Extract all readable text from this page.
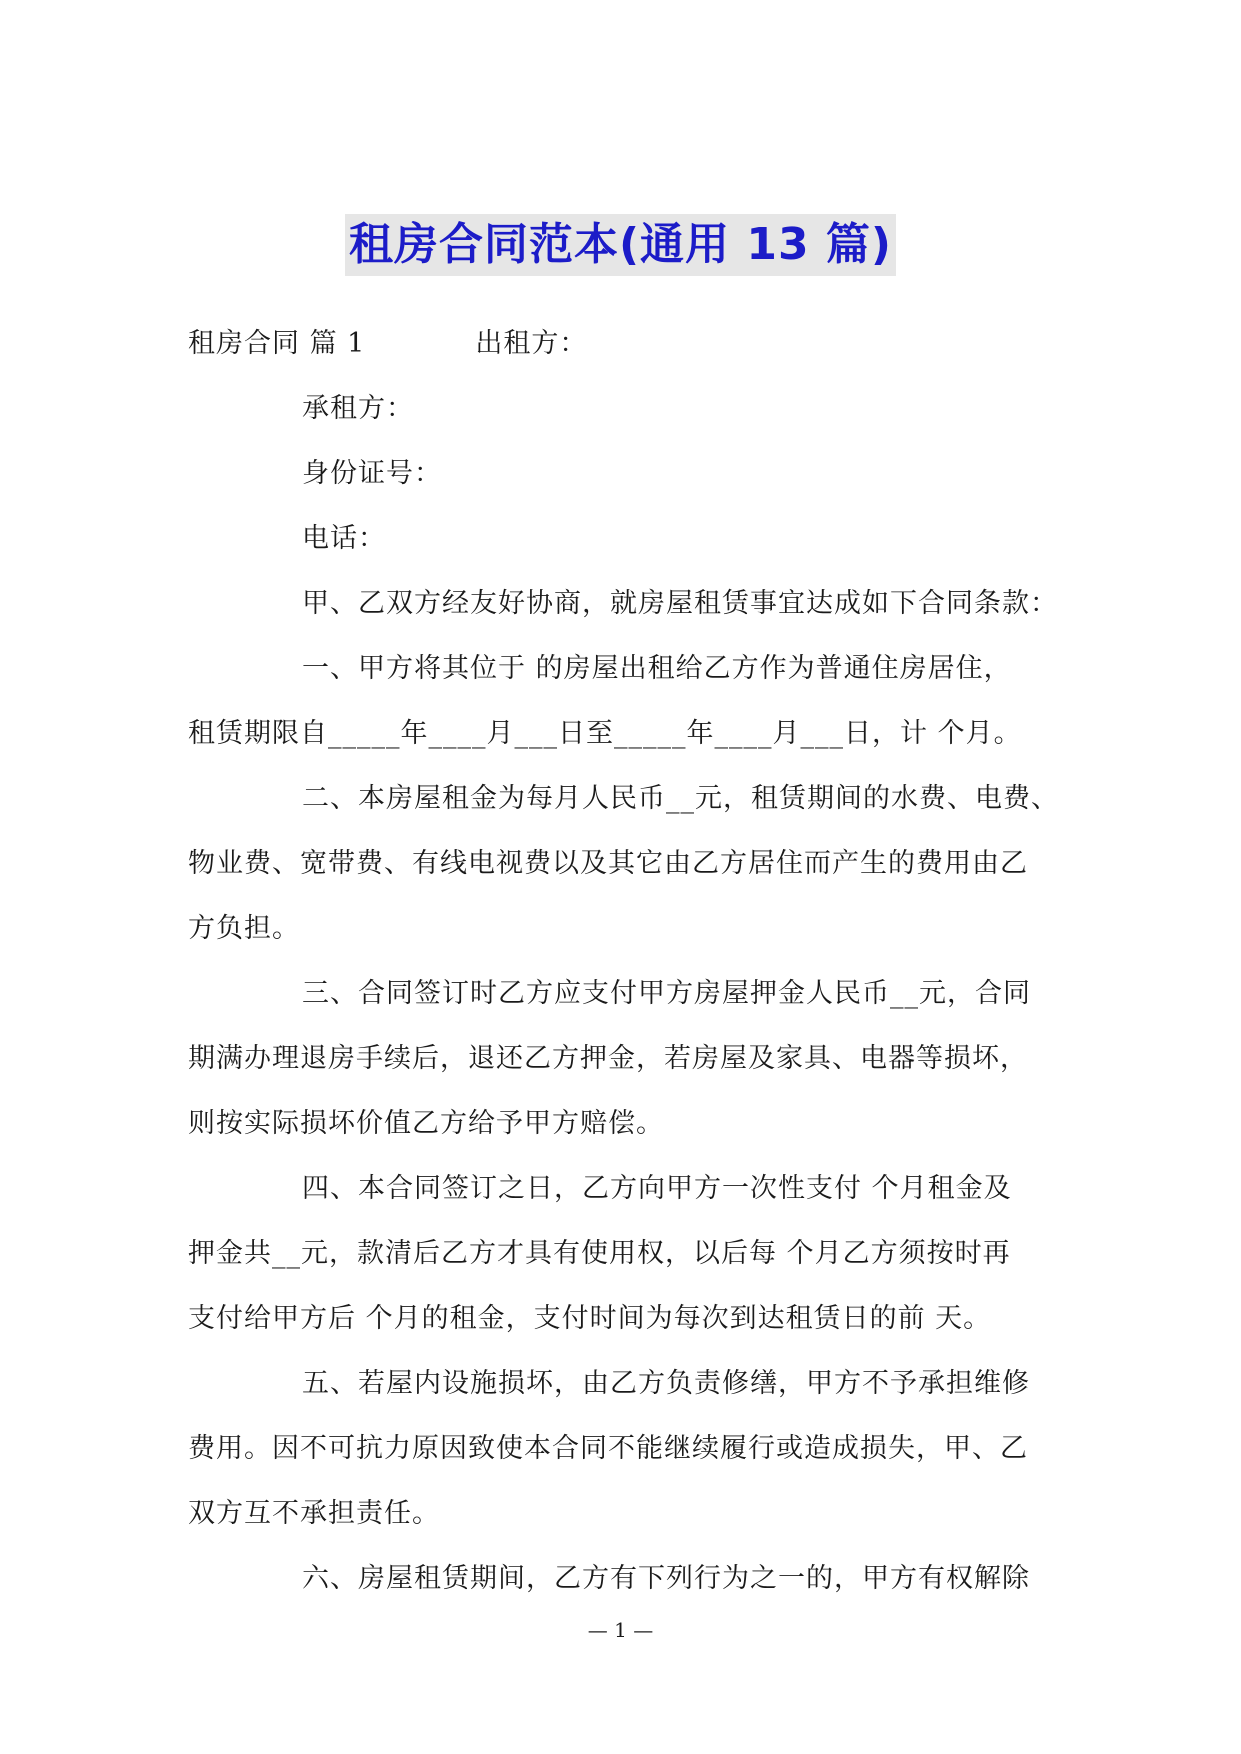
租房合同范本(通用 13 篇)
租房合同 篇 1	出租方：
承租方：
身份证号：
电话：
甲、乙双方经友好协商，就房屋租赁事宜达成如下合同条款：
一、甲方将其位于 的房屋出租给乙方作为普通住房居住，
租赁期限自_____年____月___日至_____年____月___日，计 个月。
二、本房屋租金为每月人民币__元，租赁期间的水费、电费、
物业费、宽带费、有线电视费以及其它由乙方居住而产生的费用由乙
方负担。
三、合同签订时乙方应支付甲方房屋押金人民币__元，合同
期满办理退房手续后，退还乙方押金，若房屋及家具、电器等损坏，
则按实际损坏价值乙方给予甲方赔偿。
四、本合同签订之日，乙方向甲方一次性支付 个月租金及
押金共__元，款清后乙方才具有使用权，以后每 个月乙方须按时再
支付给甲方后 个月的租金，支付时间为每次到达租赁日的前 天。
五、若屋内设施损坏，由乙方负责修缮，甲方不予承担维修
费用。因不可抗力原因致使本合同不能继续履行或造成损失，甲、乙
双方互不承担责任。
六、房屋租赁期间，乙方有下列行为之一的，甲方有权解除
— 1 —
